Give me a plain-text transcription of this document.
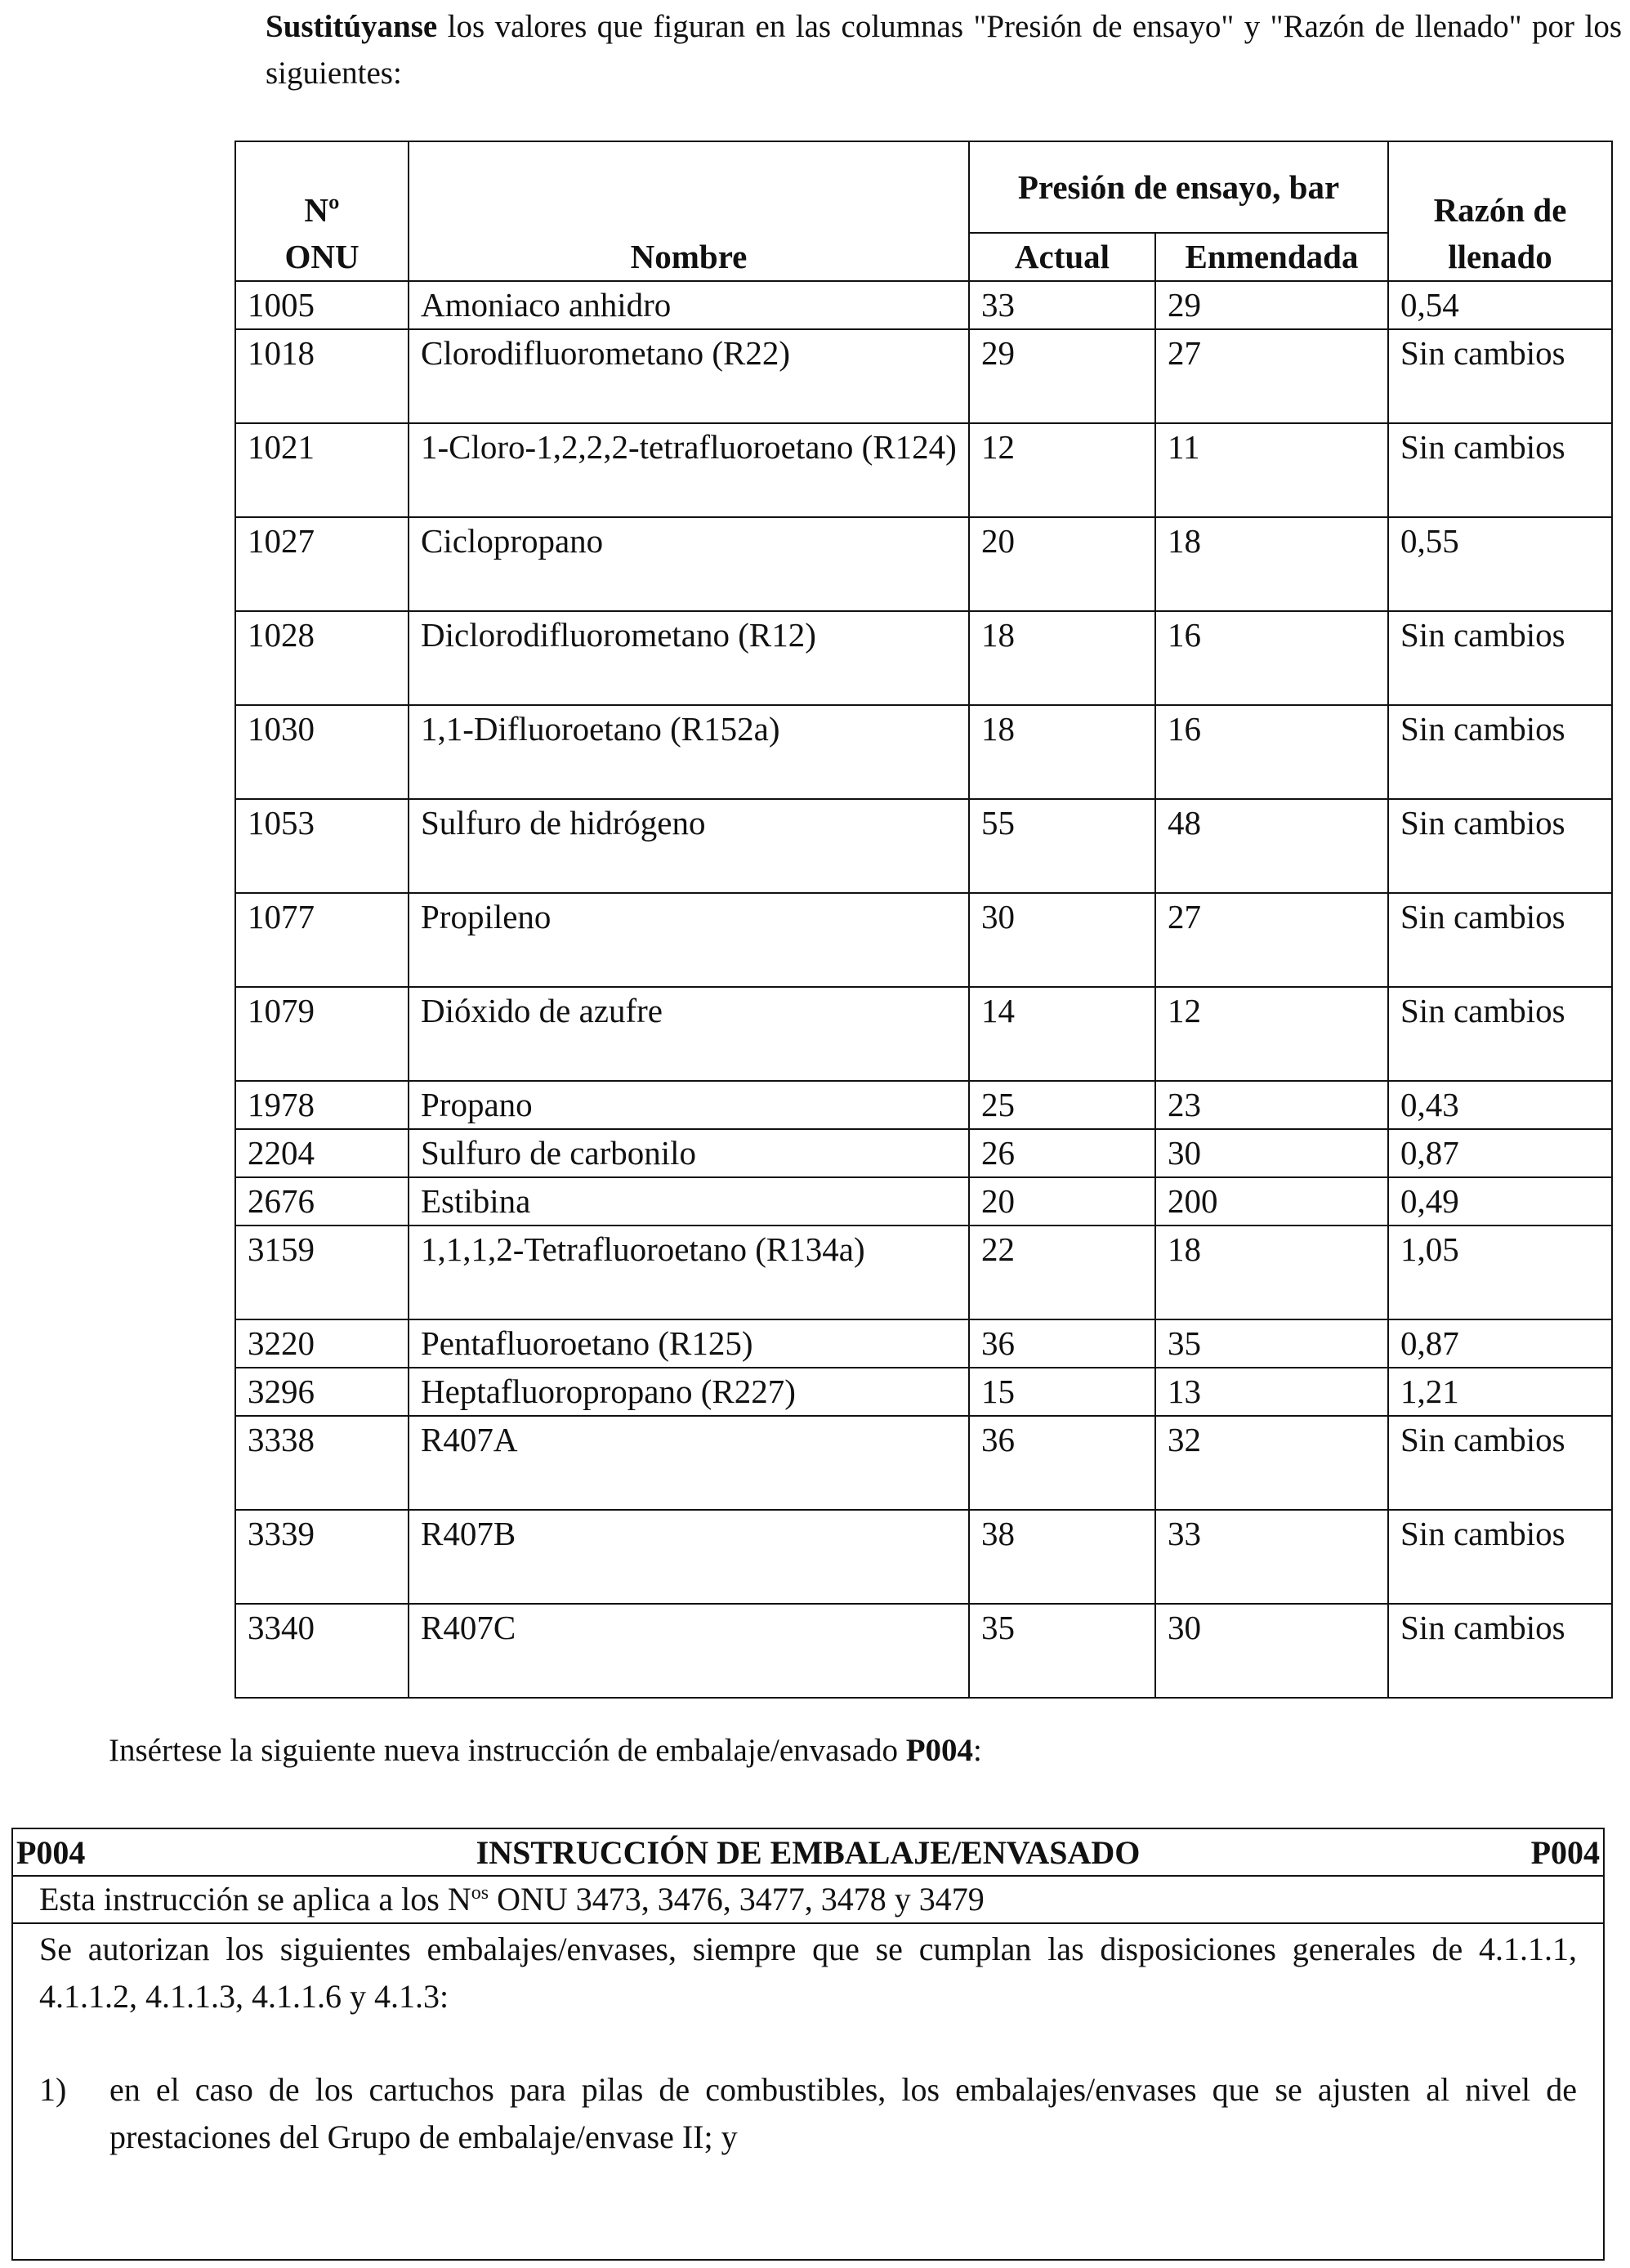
Sustitúyanse los valores que figuran en las columnas "Presión de ensayo" y "Razón de llenado" por los siguientes:
Nº
ONU	Nombre	Presión de ensayo, bar		Razón de llenado
		Actual	Enmendada	
1005	Amoniaco anhidro	33	29	0,54
1018	Clorodifluorometano (R22)	29	27	Sin cambios
1021	1-Cloro-1,2,2,2-tetrafluoroetano (R124)	12	11	Sin cambios
1027	Ciclopropano	20	18	0,55
1028	Diclorodifluorometano (R12)	18	16	Sin cambios
1030	1,1-Difluoroetano (R152a)	18	16	Sin cambios
1053	Sulfuro de hidrógeno	55	48	Sin cambios
1077	Propileno	30	27	Sin cambios
1079	Dióxido de azufre	14	12	Sin cambios
1978	Propano	25	23	0,43
2204	Sulfuro de carbonilo	26	30	0,87
2676	Estibina	20	200	0,49
3159	1,1,1,2-Tetrafluoroetano (R134a)	22	18	1,05
3220	Pentafluoroetano (R125)	36	35	0,87
3296	Heptafluoropropano (R227)	15	13	1,21
3338	R407A	36	32	Sin cambios
3339	R407B	38	33	Sin cambios
3340	R407C	35	30	Sin cambios
Insértese la siguiente nueva instrucción de embalaje/envasado P004:
P004	INSTRUCCIÓN DE EMBALAJE/ENVASADO	P004
Esta instrucción se aplica a los $N^{os}$ ONU 3473, 3476, 3477, 3478 y 3479
Se autorizan los siguientes embalajes/envases, siempre que se cumplan las disposiciones generales de 4.1.1.1, 4.1.1.2, 4.1.1.3, 4.1.1.6 y 4.1.3:
1)	en el caso de los cartuchos para pilas de combustibles, los embalajes/envases que se ajusten al nivel de prestaciones del Grupo de embalaje/envase II; y
